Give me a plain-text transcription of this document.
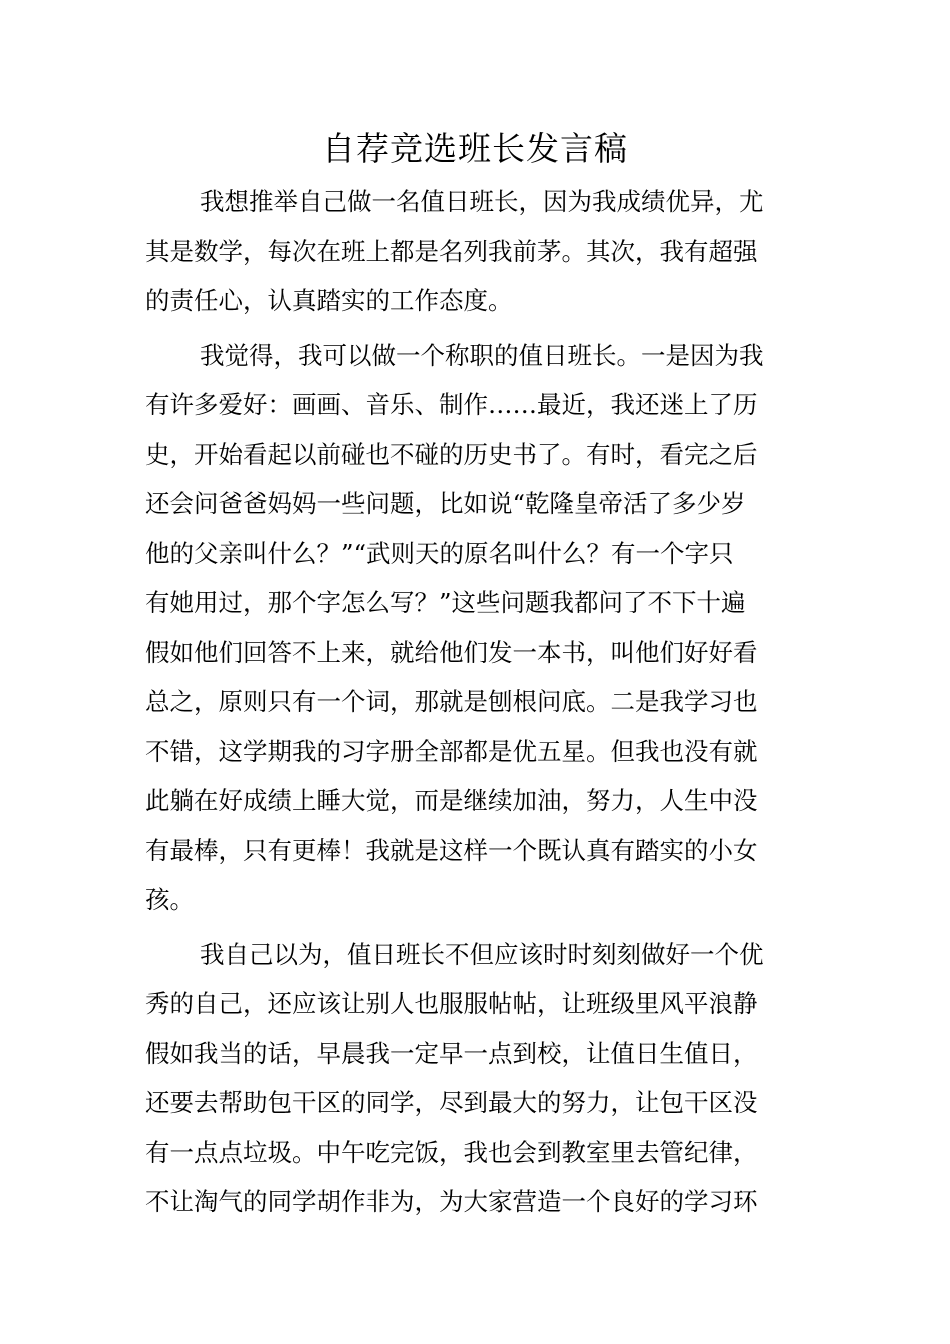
自荐竞选班长发言稿
我想推举自己做一名值日班长，因为我成绩优异，尤
其是数学，每次在班上都是名列我前茅。其次，我有超强
的责任心，认真踏实的工作态度。
我觉得，我可以做一个称职的值日班长。一是因为我
有许多爱好：画画、音乐、制作……最近，我还迷上了历
史，开始看起以前碰也不碰的历史书了。有时，看完之后
还会问爸爸妈妈一些问题，比如说“乾隆皇帝活了多少岁
他的父亲叫什么？”“武则天的原名叫什么？有一个字只
有她用过，那个字怎么写？”这些问题我都问了不下十遍
假如他们回答不上来，就给他们发一本书，叫他们好好看
总之，原则只有一个词，那就是刨根问底。二是我学习也
不错，这学期我的习字册全部都是优五星。但我也没有就
此躺在好成绩上睡大觉，而是继续加油，努力，人生中没
有最棒，只有更棒！我就是这样一个既认真有踏实的小女
孩。
我自己以为，值日班长不但应该时时刻刻做好一个优
秀的自己，还应该让别人也服服帖帖，让班级里风平浪静
假如我当的话，早晨我一定早一点到校，让值日生值日，
还要去帮助包干区的同学，尽到最大的努力，让包干区没
有一点点垃圾。中午吃完饭，我也会到教室里去管纪律，
不让淘气的同学胡作非为，为大家营造一个良好的学习环
